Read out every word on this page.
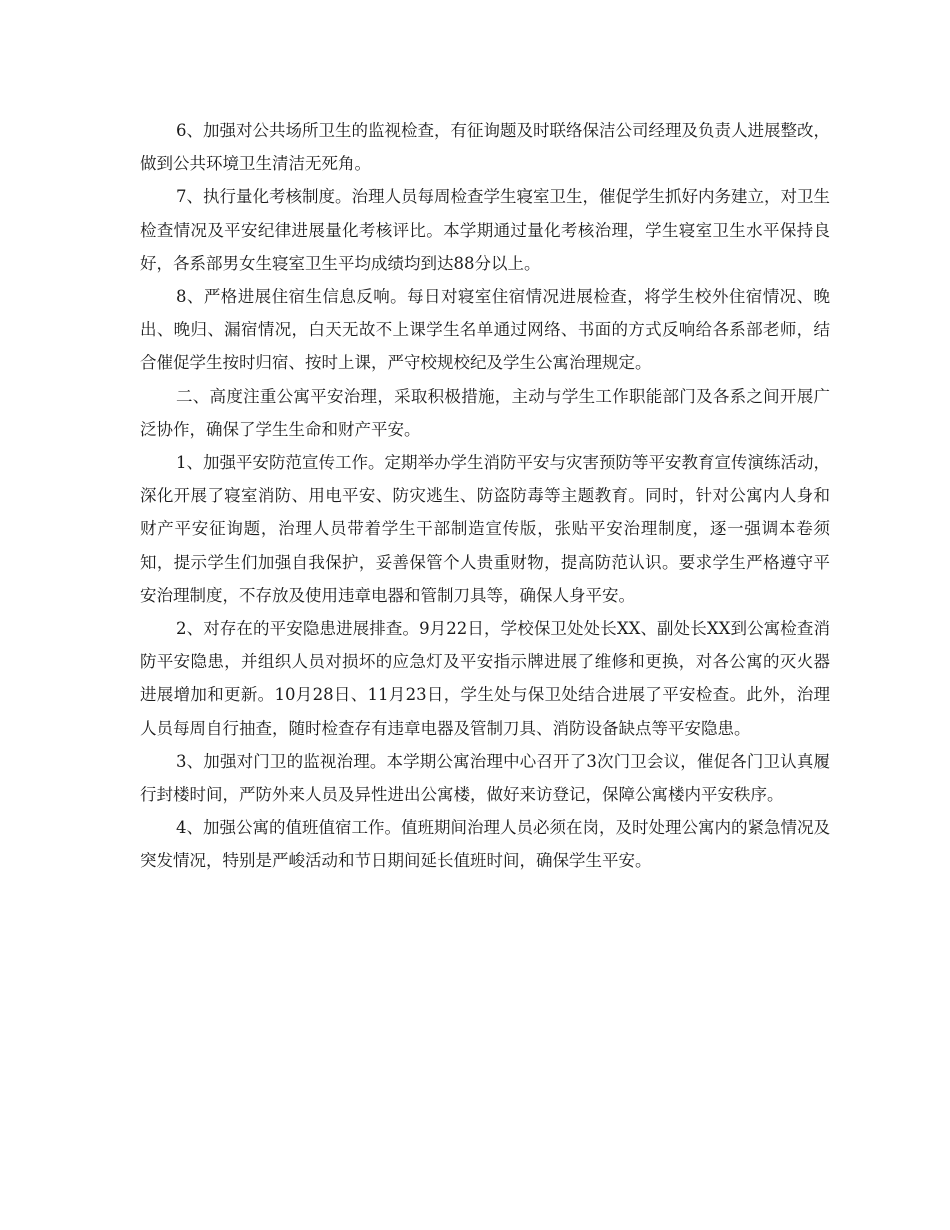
6、加强对公共场所卫生的监视检查，有征询题及时联络保洁公司经理及负责人进展整改，做到公共环境卫生清洁无死角。

7、执行量化考核制度。治理人员每周检查学生寝室卫生，催促学生抓好内务建立，对卫生检查情况及平安纪律进展量化考核评比。本学期通过量化考核治理，学生寝室卫生水平保持良好，各系部男女生寝室卫生平均成绩均到达88分以上。

8、严格进展住宿生信息反响。每日对寝室住宿情况进展检查，将学生校外住宿情况、晚出、晚归、漏宿情况，白天无故不上课学生名单通过网络、书面的方式反响给各系部老师，结合催促学生按时归宿、按时上课，严守校规校纪及学生公寓治理规定。

二、高度注重公寓平安治理，采取积极措施，主动与学生工作职能部门及各系之间开展广泛协作，确保了学生生命和财产平安。

1、加强平安防范宣传工作。定期举办学生消防平安与灾害预防等平安教育宣传演练活动，深化开展了寝室消防、用电平安、防灾逃生、防盗防毒等主题教育。同时，针对公寓内人身和财产平安征询题，治理人员带着学生干部制造宣传版，张贴平安治理制度，逐一强调本卷须知，提示学生们加强自我保护，妥善保管个人贵重财物，提高防范认识。要求学生严格遵守平安治理制度，不存放及使用违章电器和管制刀具等，确保人身平安。

2、对存在的平安隐患进展排查。9月22日，学校保卫处处长XX、副处长XX到公寓检查消防平安隐患，并组织人员对损坏的应急灯及平安指示牌进展了维修和更换，对各公寓的灭火器进展增加和更新。10月28日、11月23日，学生处与保卫处结合进展了平安检查。此外，治理人员每周自行抽查，随时检查存有违章电器及管制刀具、消防设备缺点等平安隐患。

3、加强对门卫的监视治理。本学期公寓治理中心召开了3次门卫会议，催促各门卫认真履行封楼时间，严防外来人员及异性进出公寓楼，做好来访登记，保障公寓楼内平安秩序。

4、加强公寓的值班值宿工作。值班期间治理人员必须在岗，及时处理公寓内的紧急情况及突发情况，特别是严峻活动和节日期间延长值班时间，确保学生平安。
